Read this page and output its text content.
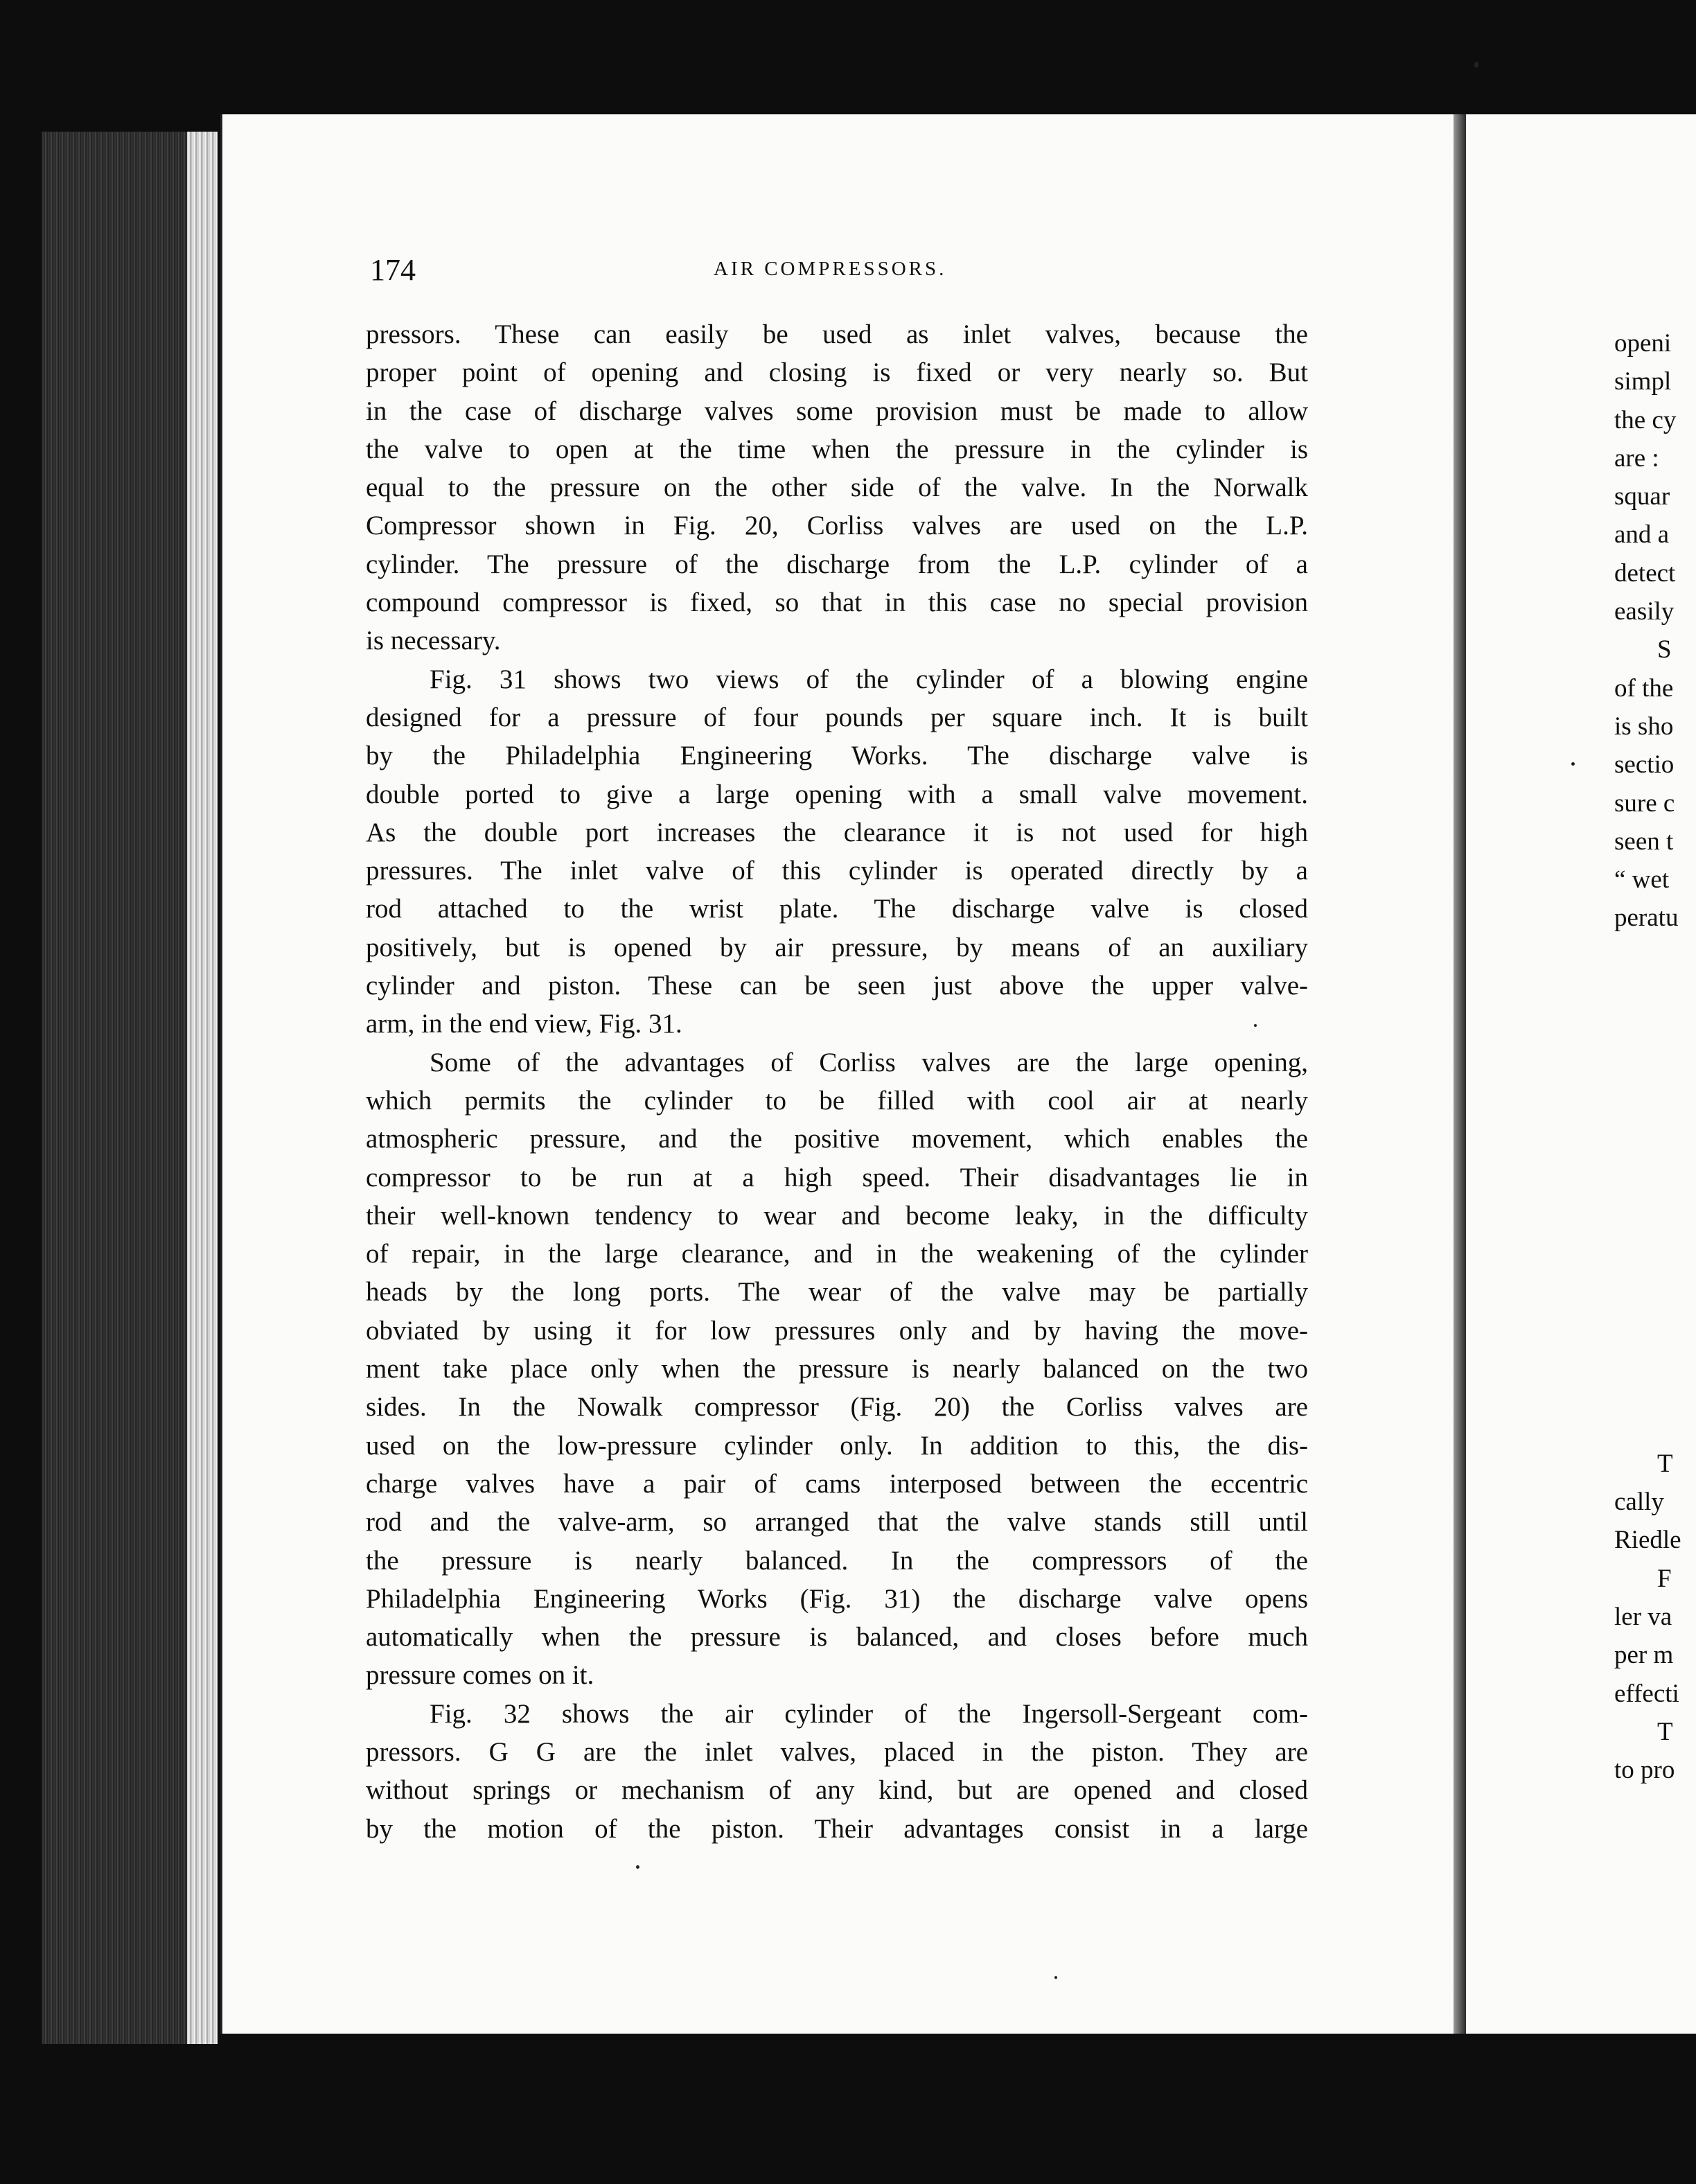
174	AIR COMPRESSORS.
pressors. These can easily be used as inlet valves, because the
proper point of opening and closing is fixed or very nearly so. But
in the case of discharge valves some provision must be made to allow
the valve to open at the time when the pressure in the cylinder is
equal to the pressure on the other side of the valve. In the Norwalk
Compressor shown in Fig. 20, Corliss valves are used on the L.P.
cylinder. The pressure of the discharge from the L.P. cylinder of a
compound compressor is fixed, so that in this case no special provision
is necessary.
Fig. 31 shows two views of the cylinder of a blowing engine
designed for a pressure of four pounds per square inch. It is built
by the Philadelphia Engineering Works. The discharge valve is
double ported to give a large opening with a small valve movement.
As the double port increases the clearance it is not used for high
pressures. The inlet valve of this cylinder is operated directly by a
rod attached to the wrist plate. The discharge valve is closed
positively, but is opened by air pressure, by means of an auxiliary
cylinder and piston. These can be seen just above the upper valve-
arm, in the end view, Fig. 31.
Some of the advantages of Corliss valves are the large opening,
which permits the cylinder to be filled with cool air at nearly
atmospheric pressure, and the positive movement, which enables the
compressor to be run at a high speed. Their disadvantages lie in
their well-known tendency to wear and become leaky, in the difficulty
of repair, in the large clearance, and in the weakening of the cylinder
heads by the long ports. The wear of the valve may be partially
obviated by using it for low pressures only and by having the move-
ment take place only when the pressure is nearly balanced on the two
sides. In the Nowalk compressor (Fig. 20) the Corliss valves are
used on the low-pressure cylinder only. In addition to this, the dis-
charge valves have a pair of cams interposed between the eccentric
rod and the valve-arm, so arranged that the valve stands still until
the pressure is nearly balanced. In the compressors of the
Philadelphia Engineering Works (Fig. 31) the discharge valve opens
automatically when the pressure is balanced, and closes before much
pressure comes on it.
Fig. 32 shows the air cylinder of the Ingersoll-Sergeant com-
pressors. G G are the inlet valves, placed in the piston. They are
without springs or mechanism of any kind, but are opened and closed
by the motion of the piston. Their advantages consist in a large
openi
simpl
the cy
are :
squar
and a
detect
easily
S
of the
is sho
sectio
sure c
seen t
“ wet
peratu
T
cally
Riedle
F
ler va
per m
effecti
T
to pro
